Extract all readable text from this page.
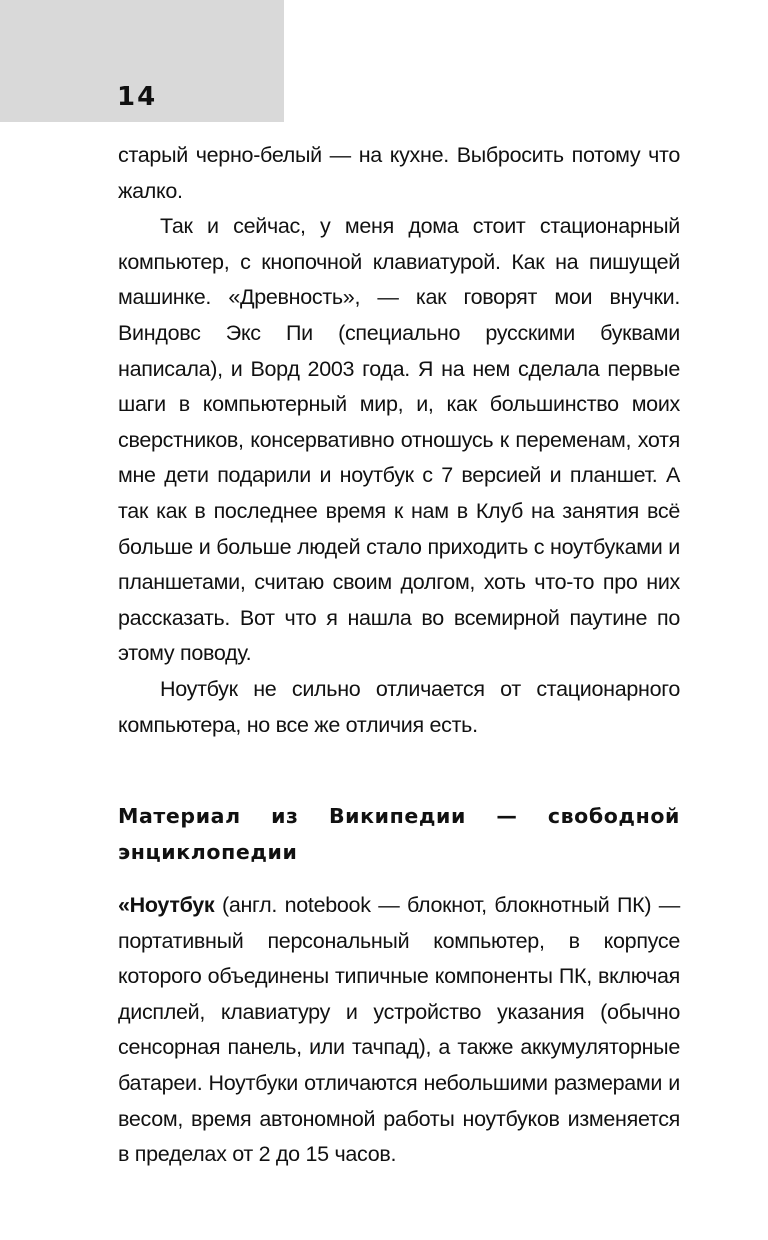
14

старый черно-белый — на кухне. Выбросить потому что жалко.

Так и сейчас, у меня дома стоит стационарный компьютер, с кнопочной клавиатурой. Как на пишущей машинке. «Древность», — как говорят мои внучки. Виндовс Экс Пи (специально русскими буквами написала), и Ворд 2003 года. Я на нем сделала первые шаги в компьютерный мир, и, как большинство моих сверстников, консервативно отношусь к переменам, хотя мне дети подарили и ноутбук с 7 версией и планшет. А так как в последнее время к нам в Клуб на занятия всё больше и больше людей стало приходить с ноутбуками и планшетами, считаю своим долгом, хоть что-то про них рассказать. Вот что я нашла во всемирной паутине по этому поводу.

Ноутбук не сильно отличается от стационарного компьютера, но все же отличия есть.

Материал из Википедии — свободной энциклопедии

«Ноутбук (англ. notebook — блокнот, блокнотный ПК) — портативный персональный компьютер, в корпусе которого объединены типичные компоненты ПК, включая дисплей, клавиатуру и устройство указания (обычно сенсорная панель, или тачпад), а также аккумуляторные батареи. Ноутбуки отличаются небольшими размерами и весом, время автономной работы ноутбуков изменяется в пределах от 2 до 15 часов.
